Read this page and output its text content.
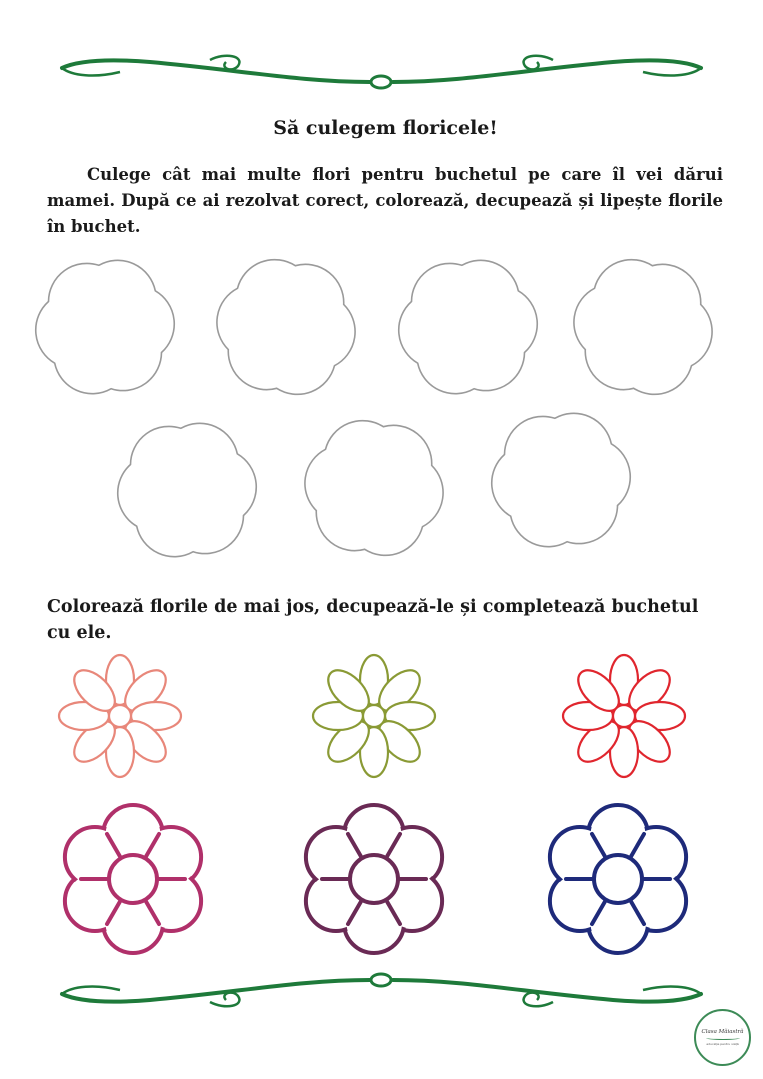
Să culegem floricele!
Culege cât mai multe flori pentru buchetul pe care îl vei dărui mamei. După ce ai rezolvat corect, colorează, decupează și lipește florile în buchet.
Colorează florile de mai jos, decupează-le și completează buchetul cu ele.
Clasa Măiastră
educație pentru viață
